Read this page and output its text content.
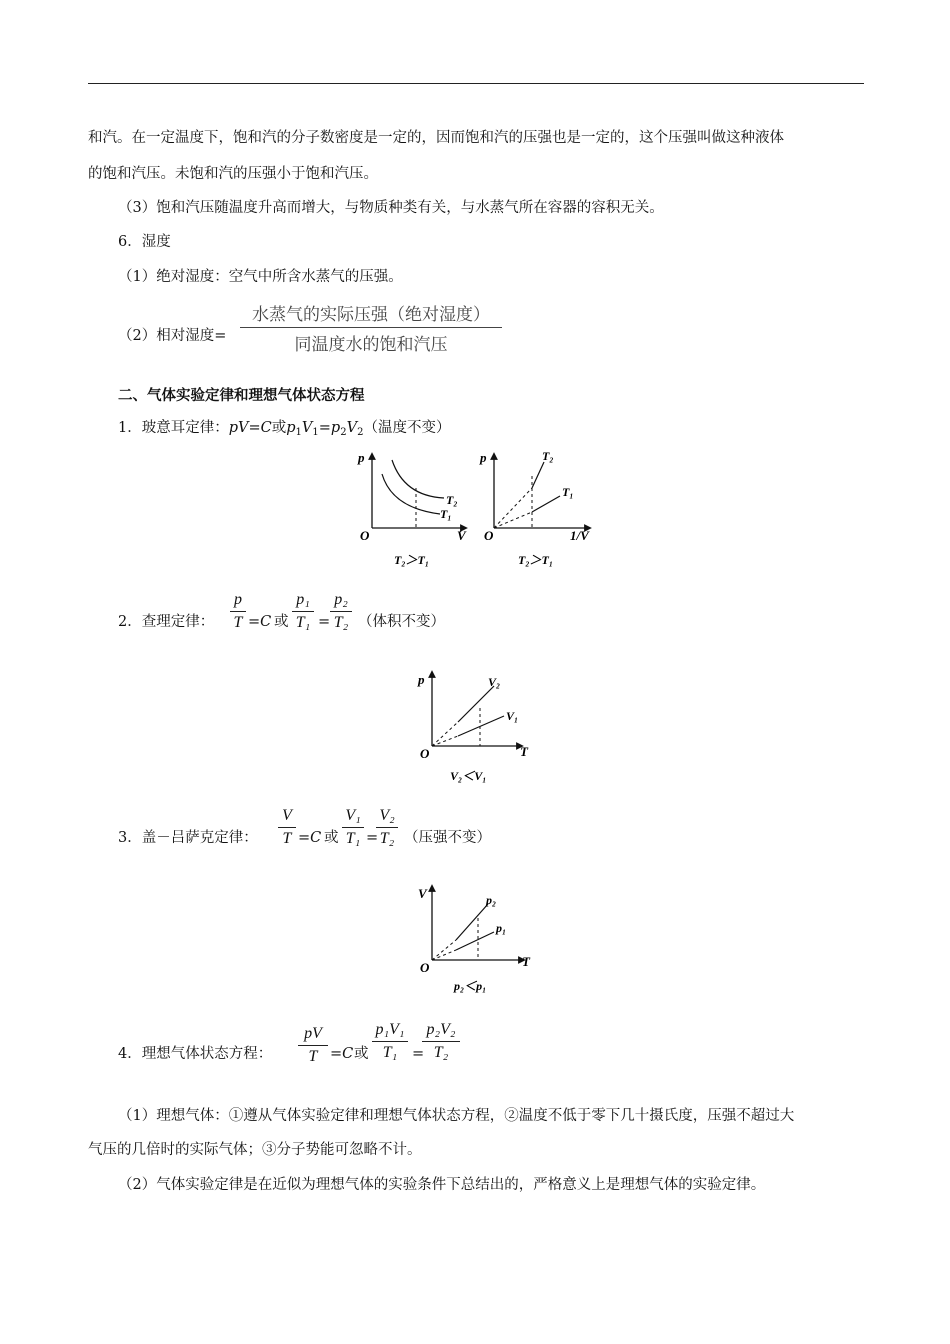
和汽。在一定温度下，饱和汽的分子数密度是一定的，因而饱和汽的压强也是一定的，这个压强叫做这种液体
的饱和汽压。未饱和汽的压强小于饱和汽压。
（3）饱和汽压随温度升高而增大，与物质种类有关，与水蒸气所在容器的容积无关。
6．湿度
（1）绝对湿度：空气中所含水蒸气的压强。
（2）相对湿度=
水蒸气的实际压强（绝对湿度）
同温度水的饱和汽压
二、气体实验定律和理想气体状态方程
1．玻意耳定律：pV=C或$p_1V_1=p_2V_2$（温度不变）
p
V
O
T₂
T₁
T₂＞T₁
p
1/V
O
T₂
T₁
T₂＞T₁
2．查理定律：
p
T =C 或
p₁
T₁ =
p₂
T₂ （体积不变）
p
T
O
V₂
V₁
V₂＜V₁
3．盖－吕萨克定律：
V
T =C 或
V₁
T₁ =
V₂
T₂ （压强不变）
V
T
O
p₂
p₁
p₂＜p₁
4．理想气体状态方程：
pV
T =C 或
p₁V₁
T₁	=
p₂V₂
T₂
（1）理想气体：①遵从气体实验定律和理想气体状态方程，②温度不低于零下几十摄氏度，压强不超过大
气压的几倍时的实际气体；③分子势能可忽略不计。
（2）气体实验定律是在近似为理想气体的实验条件下总结出的，严格意义上是理想气体的实验定律。
